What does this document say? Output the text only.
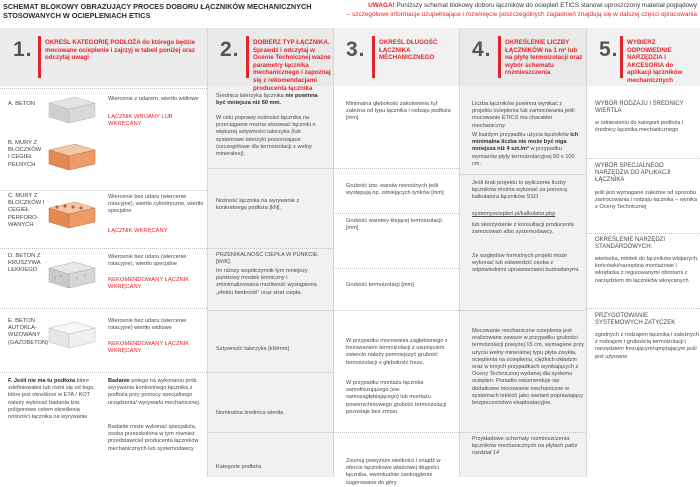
SCHEMAT BLOKOWY OBRAZUJĄCY PROCES DOBORU ŁĄCZNIKÓW MECHANICZNYCH STOSOWANYCH W OCIEPLENIACH ETICS
UWAGA! Poniższy schemat blokowy doboru łączników do ociepleń ETICS stanowi uproszczony materiał poglądowy
– szczegółowe informacje uzupełniające i rozwinięcie poszczególnych zagadnień znajdują się w dalszej części opracowania
1. OKREŚL KATEGORIĘ PODŁOŻA do którego będzie mocowane ocieplenie i zajrzyj w tabeli poniżej oraz odczytaj uwagi
A. BETON
Wiercenie z udarem, wiertło widiowe
ŁĄCZNIK WBIJANY LUB WKRĘCANY
B. MURY Z BLOCZKÓW I CEGIEŁ PEŁNYCH
C. MURY Z BLOCZKÓW I CEGIEŁ PERFORO-WANYCH
Wiercenie bez udaru (wiercenie rotacyjne), wiertło cylindryczne, wiertło specjalne
ŁĄCZNIK WKRĘCANY
D. BETON Z KRUSZYWA LEKKIEGO
Wiercenie bez udaru (wiercenie rotacyjne), wiertło specjalne
REKOMENDOWANY ŁĄCZNIK WKRĘCANY
E. BETON AUTOKLA-WIZOWANY (GAZOBETON)
Wiercenie bez udaru (wiercenie rotacyjne) wiertło widiowe
REKOMENDOWANY ŁĄCZNIK WKRĘCANY
F. Jeśli nie ma tu podłoża które zdefiniowałeś lub różni się od tego, które jest określone w ETA / KOT należy wykonać badania tzw. poligonowe celem określenia nośności łącznika na wyrywanie
Badanie polega na wykonaniu prób wyrywania konkretnego łącznika z podłoża przy pomocy specjalnego urządzenia/ wyrywarki mechanicznej.
Badanie może wykonać specjalista, osoba przeszkolona w tym również przedstawiciel producenta łączników mechanicznych lub systemodawcy
2. DOBIERZ TYP ŁĄCZNIKA. Sprawdź i odczytaj w Ocenie Technicznej ważne parametry łącznika mechanicznego i zapoznaj się z rekomendacjami producenta łącznika
Średnica talerzyka łącznika nie powinna być mniejsza niż 60 mm.
W celu poprawy nośności łącznika na przeciąganie można stosować łączniki o większej sztywności talerzyka (lub systemowe talerzyki poszerzające (szczegółowe dla termoizolacji z wełny mineralnej).
Nośność łącznika na wyrywanie z konkretnego podłoża [kN].
PRZENIKALNOŚĆ CIEPŁA W PUNKCIE [W/K].
Im niższy współczynnik tym mniejszy punktowy mostek termiczny i zminimalizowana możliwość wystąpienia „efektu biedronki" oraz strat ciepła.
Sztywność talerzyka [kN/mm]
Nominalna średnica wiertła
Kategorie podłoża
3. OKREŚL DŁUGOŚĆ ŁĄCZNIKA MECHANICZNEGO
Minimalna głębokość zakotwienia hₑf zależna od typu łącznika i rodzaju podłoża [mm]
Grubość tzw. warstw nienośnych jeśli występują np. istniejących tynków [mm]
Grubość warstwy klejącej termoizolacji [mm]
Grubość termoizolacji [mm]
W przypadku mocowania zagłębionego z frezowaniem termoizolacji z usunięciem zwiercin należy pomniejszyć grubość termoizolacji o głębokość frezu.
W przypadku montażu łącznika samofrezującego (ew. samozagłębiającego) lub montażu powierzchniowego grubość termoizolacji pozostaje bez zmian.
Zsumuj powyższe wielkości i znajdź w ofercie łącznikowe właściwej długości łącznika, ewentualnie zaokrąglenie sugerowane do góry.
4. OKREŚLENIE LICZBY ŁĄCZNIKÓW na 1 m² lub na płytę termoizolacji oraz wybór schematu rozmieszczenia
Liczba łączników powinna wynikać z projektu ocieplenia lub zamocowania jeśli mocowanie ETICS ma charakter mechaniczny.
W każdym przypadku użycia łączników ich minimalna liczba nie może być niga mniejsza niż 4 szt./m² w przypadku wymiarów płyty termoizolacyjnej 50 x 100 cm.
Jeśli brak projektu to wyliczenie liczby łączników można wykonać za pomocą kalkulatora łączników SSO
systemyociepleri.pl/kalkulator.php
lub skorzystanie z konsultacji producenta zamocowań albo systemodawcy.
Ze względów formalnych projekt może wykonać lub zatwierdzić osoba z odpowiednimi uprawnieniami budowlanymi.
Mocowanie mechaniczne ocieplenia jest realizowane zawsze w przypadku grubości termoizolacji powyżej 15 cm, wymagane przy użyciu wełny mineralnej typu płyta zwykła, ocieplenia na ociepleniu, ciężkich okładzin oraz w innych przypadkach wynikających z Oceny Technicznej wydanej dla systemu ocieplen. Ponadto rekomenduje się dodatkowe mocowanie mechaniczne w systemach lekkich jako wariant poprawiający bezpieczeństwo eksploatacyjne.
Przykładowe schematy rozmieszczenia łączników mechanicznych na płytach patrz rozdział 14
5. WYBIERZ ODPOWIEDNIE NARZĘDZIA I AKCESORIA do aplikacji łączników mechanicznych
WYBÓR RODZAJU I ŚREDNICY WIERTŁA
w odniesieniu do kategorii podłoża i średnicy łącznika mechanicznego
WYBÓR SPECJALNEGO NARZĘDZIA DO APLIKACJI ŁĄCZNIKA
jeśli jest wymagane zależnie od sposobu zamocowania i rodzaju łącznika – wynika z Oceny Technicznej
OKREŚLENIE NARZĘDZI STANDARDOWYCH:
wiertarka, młotek do łączników wbijanych, końcówki/narzędzia montażowe i wkrętarka z regulowanymi obrotami z narzędziem do łączników wkręcanych
PRZYGOTOWANIE SYSTEMOWYCH ZATYCZEK
zgodnych z rodzajem łącznika i zależnych z rodzajem i grubością termoizolacji i narzędziem frezującym/sprężającym jeśli jest używane
